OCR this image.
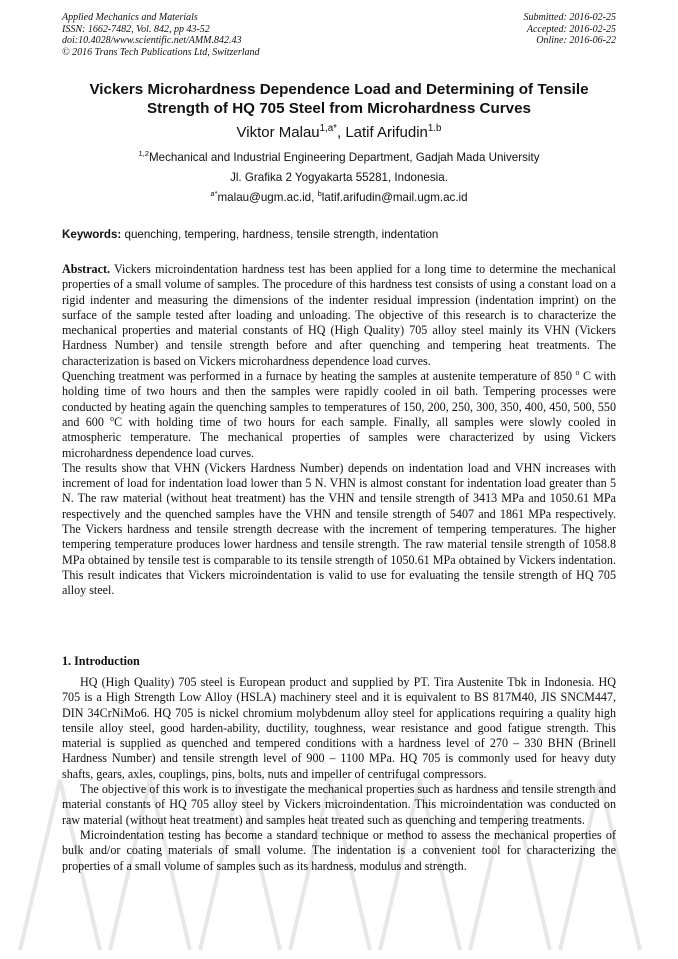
Applied Mechanics and Materials
ISSN: 1662-7482, Vol. 842, pp 43-52
doi:10.4028/www.scientific.net/AMM.842.43
© 2016 Trans Tech Publications Ltd, Switzerland
Submitted: 2016-02-25
Accepted: 2016-02-25
Online: 2016-06-22
Vickers Microhardness Dependence Load and Determining of Tensile Strength of HQ 705 Steel from Microhardness Curves
Viktor Malau$^{1,a*}$, Latif Arifudin$^{1.b}$
$^{1,2}$Mechanical and Industrial Engineering Department, Gadjah Mada University
Jl. Grafika 2 Yogyakarta 55281, Indonesia.
$^{a*}$malau@ugm.ac.id, $^b$latif.arifudin@mail.ugm.ac.id
Keywords: quenching, tempering, hardness, tensile strength, indentation

Abstract. Vickers microindentation hardness test has been applied for a long time to determine the mechanical properties of a small volume of samples. The procedure of this hardness test consists of using a constant load on a rigid indenter and measuring the dimensions of the indenter residual impression (indentation imprint) on the surface of the sample tested after loading and unloading. The objective of this research is to characterize the mechanical properties and material constants of HQ (High Quality) 705 alloy steel mainly its VHN (Vickers Hardness Number) and tensile strength before and after quenching and tempering heat treatments. The characterization is based on Vickers microhardness dependence load curves.

Quenching treatment was performed in a furnace by heating the samples at austenite temperature of 850 $^o$ C with holding time of two hours and then the samples were rapidly cooled in oil bath. Tempering processes were conducted by heating again the quenching samples to temperatures of 150, 200, 250, 300, 350, 400, 450, 500, 550 and 600 $^o$C with holding time of two hours for each sample. Finally, all samples were slowly cooled in atmospheric temperature. The mechanical properties of samples were characterized by using Vickers microhardness dependence load curves.

The results show that VHN (Vickers Hardness Number) depends on indentation load and VHN increases with increment of load for indentation load lower than 5 N. VHN is almost constant for indentation load greater than 5 N. The raw material (without heat treatment) has the VHN and tensile strength of 3413 MPa and 1050.61 MPa respectively and the quenched samples have the VHN and tensile strength of 5407 and 1861 MPa respectively. The Vickers hardness and tensile strength decrease with the increment of tempering temperatures. The higher tempering temperature produces lower hardness and tensile strength. The raw material tensile strength of 1058.8 MPa obtained by tensile test is comparable to its tensile strength of 1050.61 MPa obtained by Vickers indentation. This result indicates that Vickers microindentation is valid to use for evaluating the tensile strength of HQ 705 alloy steel.

1. Introduction

HQ (High Quality) 705 steel is European product and supplied by PT. Tira Austenite Tbk in Indonesia. HQ 705 is a High Strength Low Alloy (HSLA) machinery steel and it is equivalent to BS 817M40, JIS SNCM447, DIN 34CrNiMo6. HQ 705 is nickel chromium molybdenum alloy steel for applications requiring a quality high tensile alloy steel, good harden-ability, ductility, toughness, wear resistance and good fatigue strength. This material is supplied as quenched and tempered conditions with a hardness level of 270 – 330 BHN (Brinell Hardness Number) and tensile strength level of 900 – 1100 MPa. HQ 705 is commonly used for heavy duty shafts, gears, axles, couplings, pins, bolts, nuts and impeller of centrifugal compressors.

The objective of this work is to investigate the mechanical properties such as hardness and tensile strength and material constants of HQ 705 alloy steel by Vickers microindentation. This microindentation was conducted on raw material (without heat treatment) and samples heat treated such as quenching and tempering treatments.

Microindentation testing has become a standard technique or method to assess the mechanical properties of bulk and/or coating materials of small volume. The indentation is a convenient tool for characterizing the properties of a small volume of samples such as its hardness, modulus and strength.
